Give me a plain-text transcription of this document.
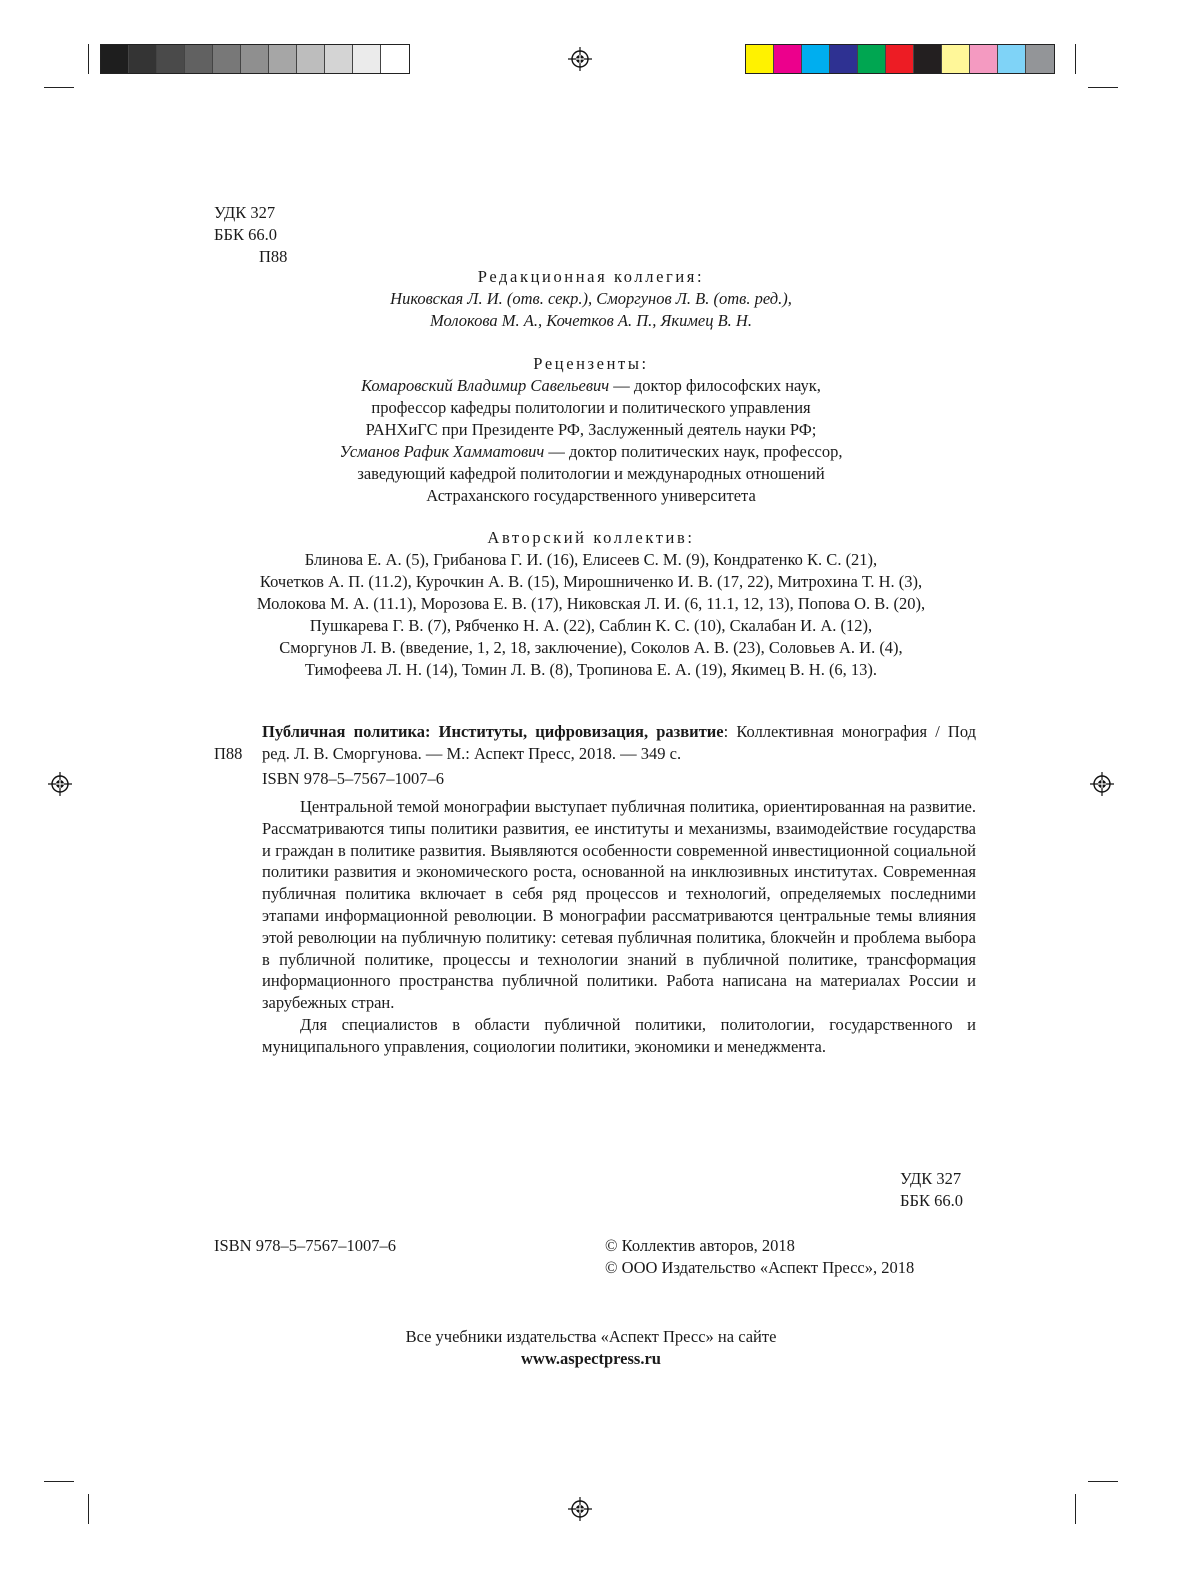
УДК 327
ББК 66.0
П88
Редакционная коллегия:
Никовская Л. И. (отв. секр.), Сморгунов Л. В. (отв. ред.),
Молокова М. А., Кочетков А. П., Якимец В. Н.
Рецензенты:
Комаровский Владимир Савельевич — доктор философских наук,
профессор кафедры политологии и политического управления
РАНХиГС при Президенте РФ, Заслуженный деятель науки РФ;
Усманов Рафик Хамматович — доктор политических наук, профессор,
заведующий кафедрой политологии и международных отношений
Астраханского государственного университета
Авторский коллектив:
Блинова Е. А. (5), Грибанова Г. И. (16), Елисеев С. М. (9), Кондратенко К. С. (21),
Кочетков А. П. (11.2), Курочкин А. В. (15), Мирошниченко И. В. (17, 22), Митрохина Т. Н. (3),
Молокова М. А. (11.1), Морозова Е. В. (17), Никовская Л. И. (6, 11.1, 12, 13), Попова О. В. (20),
Пушкарева Г. В. (7), Рябченко Н. А. (22), Саблин К. С. (10), Скалабан И. А. (12),
Сморгунов Л. В. (введение, 1, 2, 18, заключение), Соколов А. В. (23), Соловьев А. И. (4),
Тимофеева Л. Н. (14), Томин Л. В. (8), Тропинова Е. А. (19), Якимец В. Н. (6, 13).
Публичная политика: Институты, цифровизация, развитие: Коллективная монография / Под
П88 ред. Л. В. Сморгунова. — М.: Аспект Пресс, 2018. — 349 с.
ISBN 978–5–7567–1007–6

Центральной темой монографии выступает публичная политика, ориентированная на развитие. Рассматриваются типы политики развития, ее институты и механизмы, взаимодействие государства и граждан в политике развития. Выявляются особенности современной инвестиционной социальной политики развития и экономического роста, основанной на инклюзивных институтах. Современная публичная политика включает в себя ряд процессов и технологий, определяемых последними этапами информационной революции. В монографии рассматриваются центральные темы влияния этой революции на публичную политику: сетевая публичная политика, блокчейн и проблема выбора в публичной политике, процессы и технологии знаний в публичной политике, трансформация информационного пространства публичной политики. Работа написана на материалах России и зарубежных стран.

Для специалистов в области публичной политики, политологии, государственного и муниципального управления, социологии политики, экономики и менеджмента.

УДК 327
ББК 66.0
ISBN 978–5–7567–1007–6	© Коллектив авторов, 2018
© ООО Издательство «Аспект Пресс», 2018
Все учебники издательства «Аспект Пресс» на сайте
www.aspectpress.ru
